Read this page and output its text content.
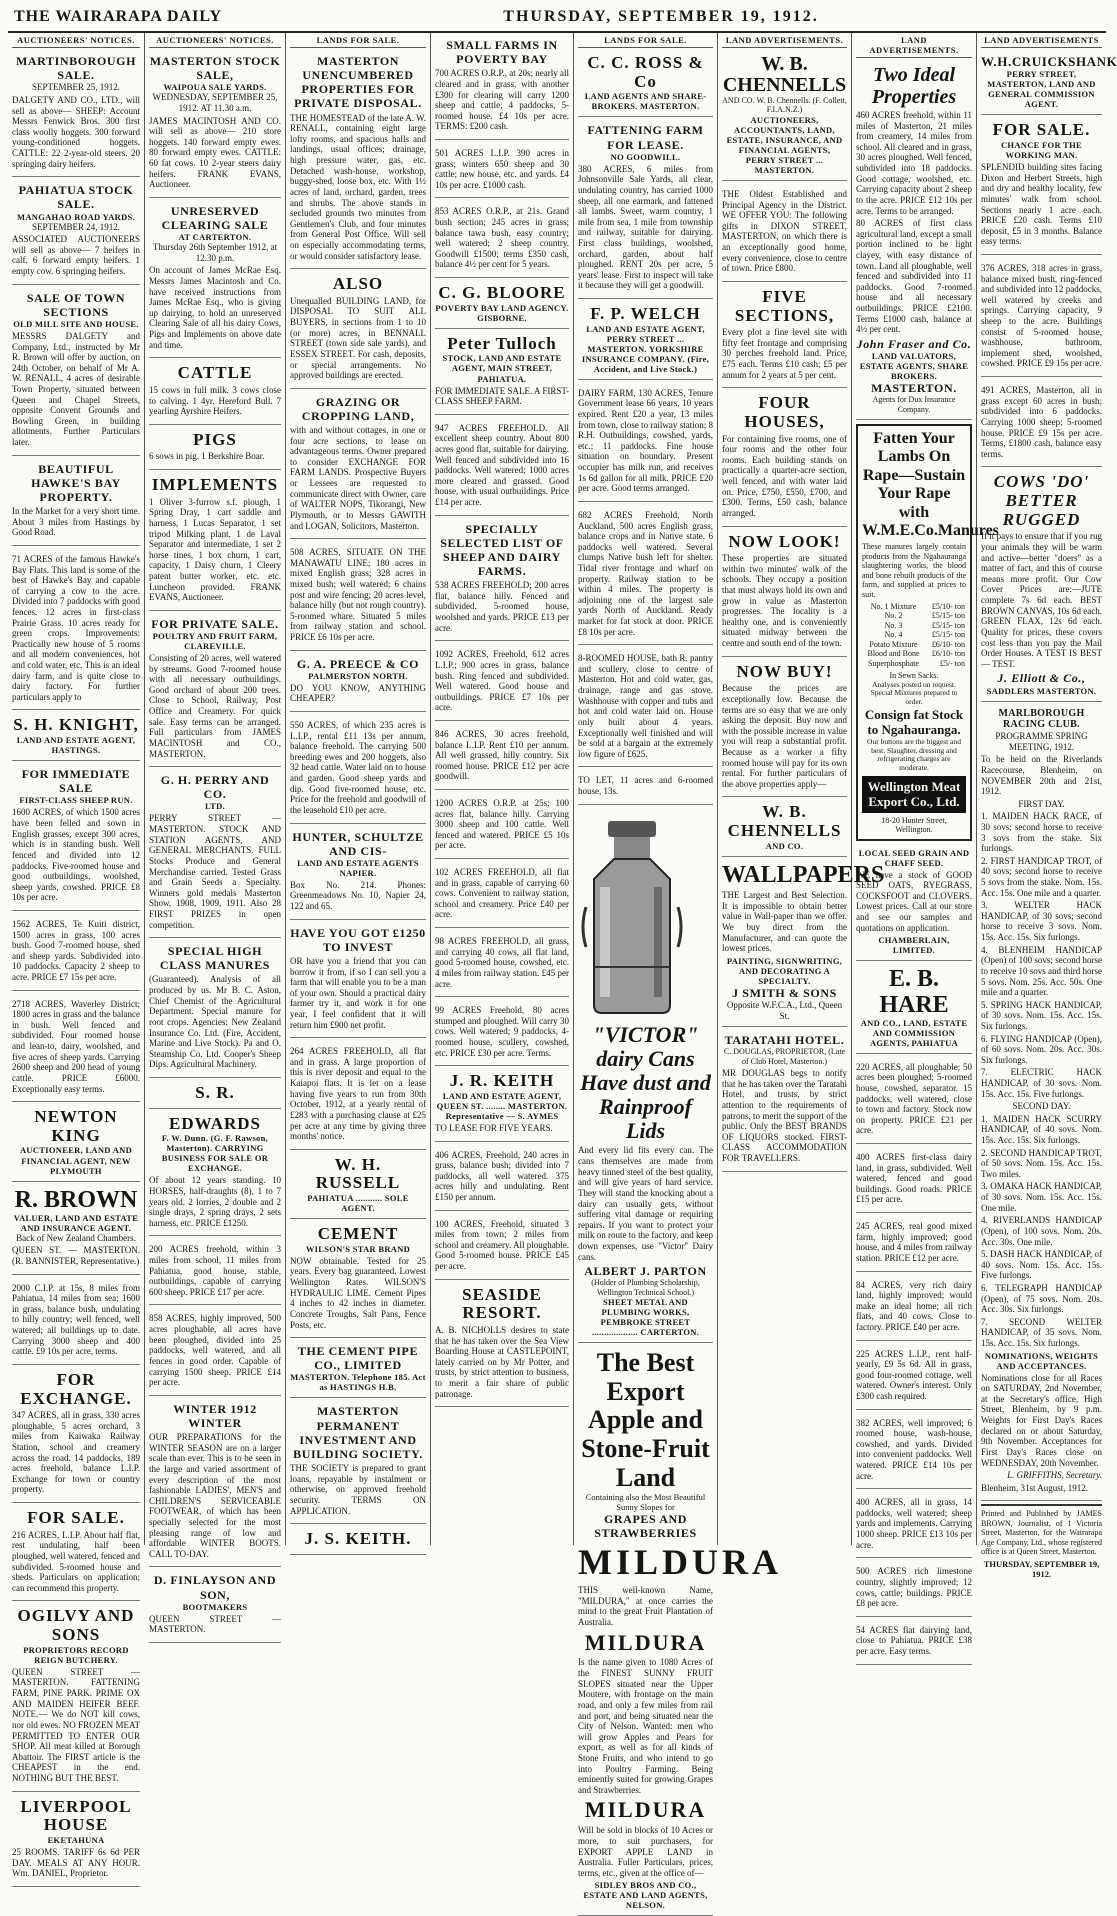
THE WAIRARAPA DAILY	THURSDAY, SEPTEMBER 19, 1912.
AUCTIONEERS' NOTICES.
MARTINBOROUGH SALE.
SEPTEMBER 25, 1912.
DALGETY AND CO., LTD., will sell as above— SHEEP: Account Messrs Fenwick Bros. 300 first class woolly hoggets. 300 forward young-conditioned hoggets. CATTLE: 22 2-year-old steers. 20 springing dairy heifers.
PAHIATUA STOCK SALE.
MANGAHAO ROAD YARDS.
SEPTEMBER 24, 1912.
ASSOCIATED AUCTIONEERS will sell as above— 7 heifers in calf. 6 forward empty heifers. 1 empty cow. 6 springing heifers.
SALE OF TOWN SECTIONS
OLD MILL SITE AND HOUSE.
MESSRS DALGETY and Company, Ltd., instructed by Mr R. Brown will offer by auction, on 24th October, on behalf of Mr A. W. RENALL, 4 acres of desirable Town Property, situated between Queen and Chapel Streets, opposite Convent Grounds and Bowling Green, in building allotments. Further Particulars later.
BEAUTIFUL HAWKE'S BAY PROPERTY.
In the Market for a very short time. About 3 miles from Hastings by Good Road.
71 ACRES of the famous Hawke's Bay Flats. This land is some of the best of Hawke's Bay and capable of carrying a cow to the acre. Divided into 7 paddocks with good fences. 12 acres in first-class Prairie Grass. 10 acres ready for green crops. Improvements: Practically new house of 5 rooms and all modern conveniences, hot and cold water, etc. This is an ideal dairy farm, and is quite close to dairy factory. For further particulars apply to
S. H. KNIGHT,
LAND AND ESTATE AGENT, HASTINGS.
FOR IMMEDIATE SALE
FIRST-CLASS SHEEP RUN.
1600 ACRES, of which 1500 acres have been felled and sown in English grasses, except 300 acres, which is in standing bush. Well fenced and divided into 12 paddocks. Five-roomed house and good outbuildings, woolshed, sheep yards, cowshed. PRICE £8 10s per acre.
1562 ACRES, Te Kuiti district, 1500 acres in grass, 100 acres bush. Good 7-roomed house, shed and sheep yards. Subdivided into 10 paddocks. Capacity 2 sheep to acre. PRICE £7 15s per acre.
2718 ACRES, Waverley District; 1800 acres in grass and the balance in bush. Well fenced and subdivided. Four roomed house and lean-to, dairy, woolshed, and five acres of sheep yards. Carrying 2600 sheep and 200 head of young cattle. PRICE £6000. Exceptionally easy terms.
NEWTON KING
AUCTIONEER, LAND AND FINANCIAL AGENT, NEW PLYMOUTH
R. BROWN
VALUER, LAND AND ESTATE AND INSURANCE AGENT.
Back of New Zealand Chambers.
QUEEN ST. — MASTERTON. (R. BANNISTER, Representative.)
2000 C.I.P. at 15s, 8 miles from Pahiatua, 14 miles from sea; 1600 in grass, balance bush, undulating to hilly country; well fenced, well watered; all buildings up to date. Carrying 3000 sheep and 400 cattle. £9 10s per acre, terms.
FOR EXCHANGE.
347 ACRES, all in grass, 330 acres ploughable, 5 acres orchard, 3 miles from Kaiwaka Railway Station, school and creamery across the road. 14 paddocks, 189 acres freehold, balance L.I.P. Exchange for town or country property.
FOR SALE.
216 ACRES, L.I.P. About half flat, rest undulating, half been ploughed, well watered, fenced and subdivided. 5-roomed house and sheds. Particulars on application; can recommend this property.
OGILVY AND SONS
PROPRIETORS RECORD REIGN BUTCHERY.
QUEEN STREET — MASTERTON. FATTENING FARM, PINE PARK. PRIME OX AND MAIDEN HEIFER BEEF. NOTE.— We do NOT kill cows, nor old ewes. NO FROZEN MEAT PERMITTED TO ENTER OUR SHOP. All meat killed at Borough Abattoir. The FIRST article is the CHEAPEST in the end. NOTHING BUT THE BEST.
LIVERPOOL HOUSE
EKETAHUNA
25 ROOMS. TARIFF 6s 6d PER DAY. MEALS AT ANY HOUR. Wm. DANIEL, Proprietor.
AUCTIONEERS' NOTICES.
MASTERTON STOCK SALE,
WAIPOUA SALE YARDS.
WEDNESDAY, SEPTEMBER 25, 1912. AT 11.30 a.m.
JAMES MACINTOSH AND CO. will sell as above— 210 store hoggets. 140 forward empty ewes. 80 forward empty ewes. CATTLE: 60 fat cows. 10 2-year steers dairy heifers. FRANK EVANS, Auctioneer.
UNRESERVED CLEARING SALE
AT CARTERTON.
Thursday 26th September 1912, at 12.30 p.m.
On account of James McRae Esq. Messrs James Macintosh and Co. have received instructions from James McRae Esq., who is giving up dairying, to hold an unreserved Clearing Sale of all his dairy Cows, Pigs and Implements on above date and time.
CATTLE
15 cows in full milk. 3 cows close to calving. 1 4yr. Hereford Bull. 7 yearling Ayrshire Heifers.
PIGS
6 sows in pig. 1 Berkshire Boar.
IMPLEMENTS
1 Oliver 3-furrow s.f. plough, 1 Spring Dray, 1 cart saddle and harness, 1 Lucas Separator, 1 set tripod Milking plant, 1 de Laval Separator and intermediate, 1 set 2 horse tines, 1 box churn, 1 cart, capacity, 1 Daisy churn, 1 Cleery patent butter worker, etc. etc. Luncheon provided. FRANK EVANS, Auctioneer.
FOR PRIVATE SALE.
POULTRY AND FRUIT FARM, CLAREVILLE.
Consisting of 20 acres, well watered by streams. Good 7-roomed house with all necessary outbuildings. Good orchard of about 200 trees. Close to School, Railway, Post Office and Creamery. For quick sale. Easy terms can be arranged. Full particulars from JAMES MACINTOSH and CO., MASTERTON.
G. H. PERRY AND CO.
LTD.
PERRY STREET — MASTERTON. STOCK AND STATION AGENTS, AND GENERAL MERCHANTS. FULL Stocks Produce and General Merchandise carried. Tested Grass and Grain Seeds a Specialty. Winners gold medals Masterton Show, 1908, 1909, 1911. Also 28 FIRST PRIZES in open competition.
SPECIAL HIGH CLASS MANURES
(Guaranteed). Analysis of all produced by us. Mr B. C. Aston, Chief Chemist of the Agricultural Department. Special manure for root crops. Agencies: New Zealand Insurance Co. Ltd. (Fire, Accident, Marine and Live Stock). Pa and O. Steamship Co. Ltd. Cooper's Sheep Dips. Agricultural Machinery.
S. R.
EDWARDS
F. W. Dunn. (G. F. Rawson, Masterton). CARRYING BUSINESS FOR SALE OR EXCHANGE.
Of about 12 years standing. 10 HORSES, half-draughts (8), 1 to 7 years old. 2 lorries, 2 double and 2 single drays, 2 spring drays, 2 sets harness, etc. PRICE £1250.
200 ACRES freehold, within 3 miles from school, 11 miles from Pahiatua, good house, stable, outbuildings, capable of carrying 600 sheep. PRICE £17 per acre.
858 ACRES, highly improved, 500 acres ploughable, all acres have been ploughed, divided into 25 paddocks, well watered, and all fences in good order. Capable of carrying 1500 sheep. PRICE £14 per acre.
WINTER 1912 WINTER
OUR PREPARATIONS for the WINTER SEASON are on a larger scale than ever. This is to be seen in the large and varied assortment of every description of the most fashionable LADIES', MEN'S and CHILDREN'S SERVICEABLE FOOTWEAR, of which has been specially selected for the most pleasing range of low and affordable WINTER BOOTS. CALL TO-DAY.
D. FINLAYSON AND SON,
BOOTMAKERS
QUEEN STREET — MASTERTON.
LANDS FOR SALE.
MASTERTON UNENCUMBERED PROPERTIES FOR PRIVATE DISPOSAL.
THE HOMESTEAD of the late A. W. RENALL, containing eight large lofty rooms, and spacious halls and landings, usual offices; drainage, high pressure water, gas, etc. Detached wash-house, workshop, buggy-shed, loose box, etc. With 1½ acres of land, orchard, garden, trees and shrubs. The above stands in secluded grounds two minutes from Gentlemen's Club, and four minutes from General Post Office. Will sell on especially accommodating terms, or would consider satisfactory lease.
ALSO
Unequalled BUILDING LAND, for DISPOSAL TO SUIT ALL BUYERS, in sections from 1 to 10 (or more) acres, in BENNALL STREET (town side sale yards), and ESSEX STREET. For cash, deposits, or special arrangements. No approved buildings are erected.
GRAZING OR CROPPING LAND,
with and without cottages, in one or four acre sections, to lease on advantageous terms. Owner prepared to consider EXCHANGE FOR FARM LANDS. Prospective Buyers or Lessees are requested to communicate direct with Owner, care of WALTER NOPS, Tikorangi, New Plymouth, or to Messrs GAWITH and LOGAN, Solicitors, Masterton.
508 ACRES, SITUATE ON THE MANAWATU LINE; 180 acres in mixed English grass; 328 acres in mixed bush; well watered; 6 chains post and wire fencing; 20 acres level, balance hilly (but not rough country). 5-roomed whare. Situated 5 miles from railway station and school. PRICE £6 10s per acre.
G. A. PREECE & CO
PALMERSTON NORTH.
DO YOU KNOW, ANYTHING CHEAPER?
550 ACRES, of which 235 acres is L.I.P., rental £11 13s per annum, balance freehold. The carrying 500 breeding ewes and 200 hoggets, also 32 head cattle. Water laid on to house and garden. Good sheep yards and dip. Good five-roomed house, etc. Price for the freehold and goodwill of the leasehold £10 per acre.
HUNTER, SCHULTZE AND CIS-
LAND AND ESTATE AGENTS NAPIER.
Box No. 214. Phones: Greenmeadows No. 10, Napier 24, 122 and 65.
HAVE YOU GOT £1250 TO INVEST
OR have you a friend that you can borrow it from, if so I can sell you a farm that will enable you to be a man of your own. Should a practical dairy farmer try it, and work it for one year, I feel confident that it will return him £900 net profit.
264 ACRES FREEHOLD, all flat and in grass. A large proportion of this is river deposit and equal to the Kaiapoi flats. It is let on a lease having five years to run from 30th October, 1912, at a yearly rental of £283 with a purchasing clause at £25 per acre at any time by giving three months' notice.
W. H. RUSSELL
PAHIATUA ........... SOLE AGENT.
CEMENT
WILSON'S STAR BRAND
NOW obtainable. Tested for 25 years. Every bag guaranteed. Lowest Wellington Rates. WILSON'S HYDRAULIC LIME. Cement Pipes 4 inches to 42 inches in diameter. Concrete Troughs, Salt Pans, Fence Posts, etc.
THE CEMENT PIPE CO., LIMITED
MASTERTON. Telephone 185. Act as HASTINGS H.B.
MASTERTON PERMANENT INVESTMENT AND BUILDING SOCIETY.
THE SOCIETY is prepared to grant loans, repayable by instalment or otherwise, on approved freehold security. TERMS ON APPLICATION.
J. S. KEITH.
SMALL FARMS IN POVERTY BAY
700 ACRES O.R.P., at 20s; nearly all cleared and in grass, with another £300 for clearing will carry 1200 sheep and cattle; 4 paddocks, 5-roomed house. £4 10s per acre. TERMS: £200 cash.
501 ACRES L.I.P. 390 acres in grass; winters 650 sheep and 30 cattle; new house, etc. and yards. £4 10s per acre. £1000 cash.
853 ACRES O.R.P., at 21s. Grand bush section; 245 acres in grass; balance tawa bush, easy country; well watered; 2 sheep country. Goodwill £1500; terms £350 cash, balance 4½ per cent for 5 years.
C. G. BLOORE
POVERTY BAY LAND AGENCY. GISBORNE.
Peter Tulloch
STOCK, LAND AND ESTATE AGENT, MAIN STREET, PAHIATUA.
FOR IMMEDIATE SALE. A FIRST-CLASS SHEEP FARM.
947 ACRES FREEHOLD. All excellent sheep country. About 800 acres good flat, suitable for dairying. Well fenced and subdivided into 16 paddocks. Well watered; 1000 acres more cleared and grassed. Good house, with usual outbuildings. Price £14 per acre.
SPECIALLY SELECTED LIST OF SHEEP AND DAIRY FARMS.
538 ACRES FREEHOLD; 200 acres flat, balance hilly. Fenced and subdivided. 5-roomed house, woolshed and yards. PRICE £13 per acre.
1092 ACRES, Freehold, 612 acres L.I.P.; 900 acres in grass, balance bush. Ring fenced and subdivided. Well watered. Good house and outbuildings. PRICE £7 10s per acre.
846 ACRES, 30 acres freehold, balance L.I.P. Rent £10 per annum. All well grassed, hilly country. Six roomed house. PRICE £12 per acre goodwill.
1200 ACRES O.R.P. at 25s; 100 acres flat, balance hilly. Carrying 3000 sheep and 100 cattle. Well fenced and watered. PRICE £5 10s per acre.
102 ACRES FREEHOLD, all flat and in grass, capable of carrying 60 cows. Convenient to railway station, school and creamery. Price £40 per acre.
98 ACRES FREEHOLD, all grass, and carrying 40 cows, all flat land, good 5-roomed house, cowshed, etc. 4 miles from railway station. £45 per acre.
99 ACRES Freehold, 80 acres stumped and ploughed. Will carry 30 cows. Well watered; 9 paddocks, 4-roomed house, scullery, cowshed, etc. PRICE £30 per acre. Terms.
J. R. KEITH
LAND AND ESTATE AGENT, QUEEN ST. ........ MASTERTON. Representative — S. AYMES
TO LEASE FOR FIVE YEARS.
406 ACRES, Freehold, 240 acres in grass, balance bush; divided into 7 paddocks, all well watered. 375 acres hilly and undulating. Rent £150 per annum.
100 ACRES, Freehold, situated 3 miles from town; 2 miles from school and creamery. All ploughable. Good 5-roomed house. PRICE £45 per acre.
SEASIDE RESORT.
A. B. NICHOLLS desires to state that he has taken over the Sea View Boarding House at CASTLEPOINT, lately carried on by Mr Potter, and trusts, by strict attention to business, to merit a fair share of public patronage.
LANDS FOR SALE.
C. C. ROSS & Co
LAND AGENTS AND SHARE-BROKERS. MASTERTON.
FATTENING FARM FOR LEASE.
NO GOODWILL.
380 ACRES, 6 miles from Johnsonville Sale Yards, all clear, undulating country, has carried 1000 sheep, all one earmark, and fattened all lambs. Sweet, warm country, 1 mile from sea, 1 mile from township and railway, suitable for dairying. First class buildings, woolshed, orchard, garden, about half ploughed. RENT 20s per acre, 5 years' lease. First to inspect will take it because they will get a goodwill.
F. P. WELCH
LAND AND ESTATE AGENT, PERRY STREET ... MASTERTON. YORKSHIRE INSURANCE COMPANY. (Fire, Accident, and Live Stock.)
DAIRY FARM, 130 ACRES, Tenure Government lease 66 years, 10 years expired. Rent £20 a year, 13 miles from town, close to railway station; 8 R.H. Outbuildings, cowshed, yards, etc.; 11 paddocks. Fine house situation on boundary. Present occupier has milk run, and receives 1s 6d gallon for all milk. PRICE £20 per acre. Good terms arranged.
682 ACRES Freehold, North Auckland, 500 acres English grass, balance crops and in Native state. 6 paddocks well watered. Several clumps Native bush left for shelter. Tidal river frontage and wharf on property. Railway station to be within 4 miles. The property is adjoining one of the largest sale yards North of Auckland. Ready market for fat stock at door. PRICE £8 10s per acre.
8-ROOMED HOUSE, bath R. pantry and scullery, close to centre of Masterton. Hot and cold water, gas, drainage, range and gas stove. Washhouse with copper and tubs and hot and cold water laid on. House only built about 4 years. Exceptionally well finished and will be sold at a bargain at the extremely low figure of £625.
TO LET, 11 acres and 6-roomed house, 13s.
"VICTOR" dairy Cans Have dust and Rainproof Lids
And every lid fits every can. The cans themselves are made from heavy tinned steel of the best quality, and will give years of hard service. They will stand the knocking about a dairy can usually gets, without suffering vital damage or requiring repairs. If you want to protect your milk on route to the factory, and keep down expenses, use "Victor" Dairy cans.
ALBERT J. PARTON
(Holder of Plumbing Scholarship, Wellington Technical School.)
SHEET METAL AND PLUMBING WORKS,
PEMBROKE STREET ................... CARTERTON.
The Best Export Apple and Stone-Fruit Land
Containing also the Most Beautiful Sunny Slopes for
GRAPES AND STRAWBERRIES
MILDURA
THIS well-known Name, "MILDURA," at once carries the mind to the great Fruit Plantation of Australia.
MILDURA
Is the name given to 1080 Acres of the FINEST SUNNY FRUIT SLOPES situated near the Upper Moutere, with frontage on the main road, and only a few miles from rail and port, and being situated near the City of Nelson. Wanted: men who will grow Apples and Pears for export, as well as for all kinds of Stone Fruits, and who intend to go into Poultry Farming. Being eminently suited for growing Grapes and Strawberries.
MILDURA
Will be sold in blocks of 10 Acres or more, to suit purchasers, for EXPORT APPLE LAND in Australia. Fuller Particulars, prices, terms, etc., given at the office of—
SIDLEY BROS AND CO., ESTATE AND LAND AGENTS, NELSON.
LAND ADVERTISEMENTS.
W. B. CHENNELLS
AND CO. W. B. Chennells. (F. Collett, F.I.A.N.Z.)
AUCTIONEERS, ACCOUNTANTS, LAND, ESTATE, INSURANCE, AND FINANCIAL AGENTS,
PERRY STREET ... MASTERTON.
THE Oldest Established and Principal Agency in the District. WE OFFER YOU: The following gifts in DIXON STREET, MASTERTON, on which there is an exceptionally good home, every convenience, close to centre of town. Price £800.
FIVE SECTIONS,
Every plot a fine level site with fifty feet frontage and comprising 30 perches freehold land. Price, £75 each. Terms £10 cash; £5 per annum for 2 years at 5 per cent.
FOUR HOUSES,
For containing five rooms, one of four rooms and the other four rooms. Each building stands on practically a quarter-acre section, well fenced, and with water laid on. Price, £750, £550, £700, and £300. Terms, £50 cash, balance arranged.
NOW LOOK!
These properties are situated within two minutes' walk of the schools. They occupy a position that must always hold its own and grow in value as Masterton progresses. The locality is a healthy one, and is conveniently situated midway between the centre and south end of the town.
NOW BUY!
Because the prices are exceptionally low. Because the terms are so easy that we are only asking the deposit. Buy now and with the possible increase in value you will reap a substantial profit. Because as a worker a fifty roomed house will pay for its own rental. For further particulars of the above properties apply—
W. B. CHENNELLS
AND CO.
WALLPAPERS
THE Largest and Best Selection. It is impossible to obtain better value in Wall-paper than we offer. We buy direct from the Manufacturer, and can quote the lowest prices.
PAINTING, SIGNWRITING, AND DECORATING A SPECIALTY.
J SMITH & SONS
Opposite W.F.C.A., Ltd., Queen St.
TARATAHI HOTEL.
C. DOUGLAS, PROPRIETOR, (Late of Club Hotel, Masterton.)
MR DOUGLAS begs to notify that he has taken over the Taratahi Hotel, and trusts, by strict attention to the requirements of patrons, to merit the support of the public. Only the BEST BRANDS OF LIQUORS stocked. FIRST-CLASS ACCOMMODATION FOR TRAVELLERS.
LAND ADVERTISEMENTS.
Two Ideal Properties
460 ACRES freehold, within 11 miles of Masterton, 21 miles from creamery, 14 miles from school. All cleared and in grass, 30 acres ploughed. Well fenced, subdivided into 18 paddocks. Good cottage, woolshed, etc. Carrying capacity about 2 sheep to the acre. PRICE £12 10s per acre. Terms to be arranged.
80 ACRES of first class agricultural land, except a small portion inclined to be light clayey, with easy distance of town. Land all ploughable, well fenced and subdivided into 11 paddocks. Good 7-roomed house and all necessary outbuildings. PRICE £2100. Terms £1000 cash, balance at 4½ per cent.
John Fraser and Co.
LAND VALUATORS, ESTATE AGENTS, SHARE BROKERS.
MASTERTON.
Agents for Dux Insurance Company.
Fatten Your Lambs On Rape—Sustain Your Rape with W.M.E.Co.Manures
These manures largely contain products from the Ngahauranga slaughtering works, the blood and bone rebuilt products of the farm, and supplied at prices to suit.
No. 1 Mixture	£5/10- ton
No. 2	£5/15- ton
No. 3	£5/15- ton
No. 4	£5/15- ton
Potato Mixture	£6/10- ton
Blood and Bone	£6/10- ton
Superphosphate	£5/- ton
In Sewn Sacks.
Analyses posted on request. Special Mixtures prepared to order.
Consign fat Stock to Ngahauranga.
Our buttons are the biggest and best. Slaughter, dressing and refrigerating charges are moderate.
Wellington Meat Export Co., Ltd.
18-20 Hunter Street, Wellington.
LOCAL SEED GRAIN AND CHAFF SEED.
WE have a stock of GOOD SEED OATS, RYEGRASS, COCKSFOOT and CLOVERS. Lowest prices. Call at our store and see our samples and quotations on application.
CHAMBERLAIN, LIMITED.
E. B. HARE
AND CO., LAND, ESTATE AND COMMISSION AGENTS, PAHIATUA
220 ACRES, all ploughable; 50 acres been ploughed; 5-roomed house, cowshed, separator. 15 paddocks, well watered, close to town and factory. Stock now on property. PRICE £21 per acre.
400 ACRES first-class dairy land, in grass, subdivided. Well watered, fenced and good buildings. Good roads. PRICE £15 per acre.
245 ACRES, real good mixed farm, highly improved; good house, and 4 miles from railway station. PRICE £12 per acre.
84 ACRES, very rich dairy land, highly improved; would make an ideal home; all rich flats, and 40 cows. Close to factory. PRICE £40 per acre.
225 ACRES L.I.P., rent half-yearly, £9 5s 6d. All in grass, good four-roomed cottage, well watered. Owner's interest. Only £300 cash required.
382 ACRES, well improved; 6 roomed house, wash-house, cowshed, and yards. Divided into convenient paddocks. Well watered. PRICE £14 10s per acre.
400 ACRES, all in grass, 14 paddocks, well watered; sheep yards and implements. Carrying 1000 sheep. PRICE £13 10s per acre.
500 ACRES rich limestone country, slightly improved; 12 cows, cattle; buildings. PRICE £8 per acre.
54 ACRES flat dairying land, close to Pahiatua. PRICE £38 per acre. Easy terms.
LAND ADVERTISEMENTS
W.H.CRUICKSHANK
PERRY STREET, MASTERTON, LAND AND GENERAL COMMISSION AGENT.
FOR SALE.
CHANCE FOR THE WORKING MAN.
SPLENDID building sites facing Dixon and Herbert Streets, high and dry and healthy locality, few minutes' walk from school. Sections nearly 1 acre each. PRICE £20 cash. Terms £10 deposit, £5 in 3 months. Balance easy terms.
376 ACRES, 318 acres in grass, balance mixed bush, ring-fenced and subdivided into 12 paddocks, well watered by creeks and springs. Carrying capacity, 9 sheep to the acre. Buildings consist of 5-roomed house, washhouse, bathroom, implement shed, woolshed, cowshed. PRICE £9 15s per acre.
491 ACRES, Masterton, all in grass except 60 acres in bush; subdivided into 6 paddocks. Carrying 1000 sheep; 5-roomed house. PRICE £9 15s per acre. Terms, £1800 cash, balance easy terms.
COWS 'DO' BETTER RUGGED
If it pays to ensure that if you rug your animals they will be warm and active—better "doers" as a matter of fact, and this of course means more profit. Our Cow Cover Prices are:—JUTE complete 7s 6d each. BEST BROWN CANVAS, 10s 6d each. GREEN FLAX, 12s 6d each. Quality for prices, these covers cost less than you pay the Mail Order Houses. A TEST IS BEST — TEST.
J. Elliott & Co.,
SADDLERS MASTERTON.
MARLBOROUGH RACING CLUB.
PROGRAMME SPRING MEETING, 1912.
To be held on the Riverlands Racecourse, Blenheim, on NOVEMBER 20th and 21st, 1912.
FIRST DAY.
1. MAIDEN HACK RACE, of 30 sovs; second horse to receive 3 sovs from the stake. Six furlongs.
2. FIRST HANDICAP TROT, of 40 sovs; second horse to receive 5 sovs from the stake. Nom. 15s. Acc. 15s. One mile and a quarter.
3. WELTER HACK HANDICAP, of 30 sovs; second horse to receive 3 sovs. Nom. 15s. Acc. 15s. Six furlongs.
4. BLENHEIM HANDICAP (Open) of 100 sovs; second horse to receive 10 sovs and third horse 5 sovs. Nom. 25s. Acc. 50s. One mile and a quarter.
5. SPRING HACK HANDICAP, of 30 sovs. Nom. 15s. Acc. 15s. Six furlongs.
6. FLYING HANDICAP (Open), of 60 sovs. Nom. 20s. Acc. 30s. Six furlongs.
7. ELECTRIC HACK HANDICAP, of 30 sovs. Nom. 15s. Acc. 15s. Five furlongs.
SECOND DAY.
1. MAIDEN HACK SCURRY HANDICAP, of 40 sovs. Nom. 15s. Acc. 15s. Six furlongs.
2. SECOND HANDICAP TROT, of 50 sovs. Nom. 15s. Acc. 15s. Two miles.
3. OMAKA HACK HANDICAP, of 30 sovs. Nom. 15s. Acc. 15s. One mile.
4. RIVERLANDS HANDICAP (Open), of 100 sovs. Nom. 20s. Acc. 30s. One mile.
5. DASH HACK HANDICAP, of 40 sovs. Nom. 15s. Acc. 15s. Five furlongs.
6. TELEGRAPH HANDICAP (Open), of 75 sovs. Nom. 20s. Acc. 30s. Six furlongs.
7. SECOND WELTER HANDICAP, of 35 sovs. Nom. 15s. Acc. 15s. Six furlongs.
NOMINATIONS, WEIGHTS AND ACCEPTANCES.
Nominations close for all Races on SATURDAY, 2nd November, at the Secretary's office, High Street, Blenheim, by 9 p.m. Weights for First Day's Races declared on or about Saturday, 9th November. Acceptances for First Day's Races close on WEDNESDAY, 20th November.
L. GRIFFITHS, Secretary.
Blenheim, 31st August, 1912.
Printed and Published by JAMES BROWN, Journalist, of 1 Victoria Street, Masterton, for the Wairarapa Age Company, Ltd., whose registered office is at Queen Street, Masterton.
THURSDAY, SEPTEMBER 19, 1912.
